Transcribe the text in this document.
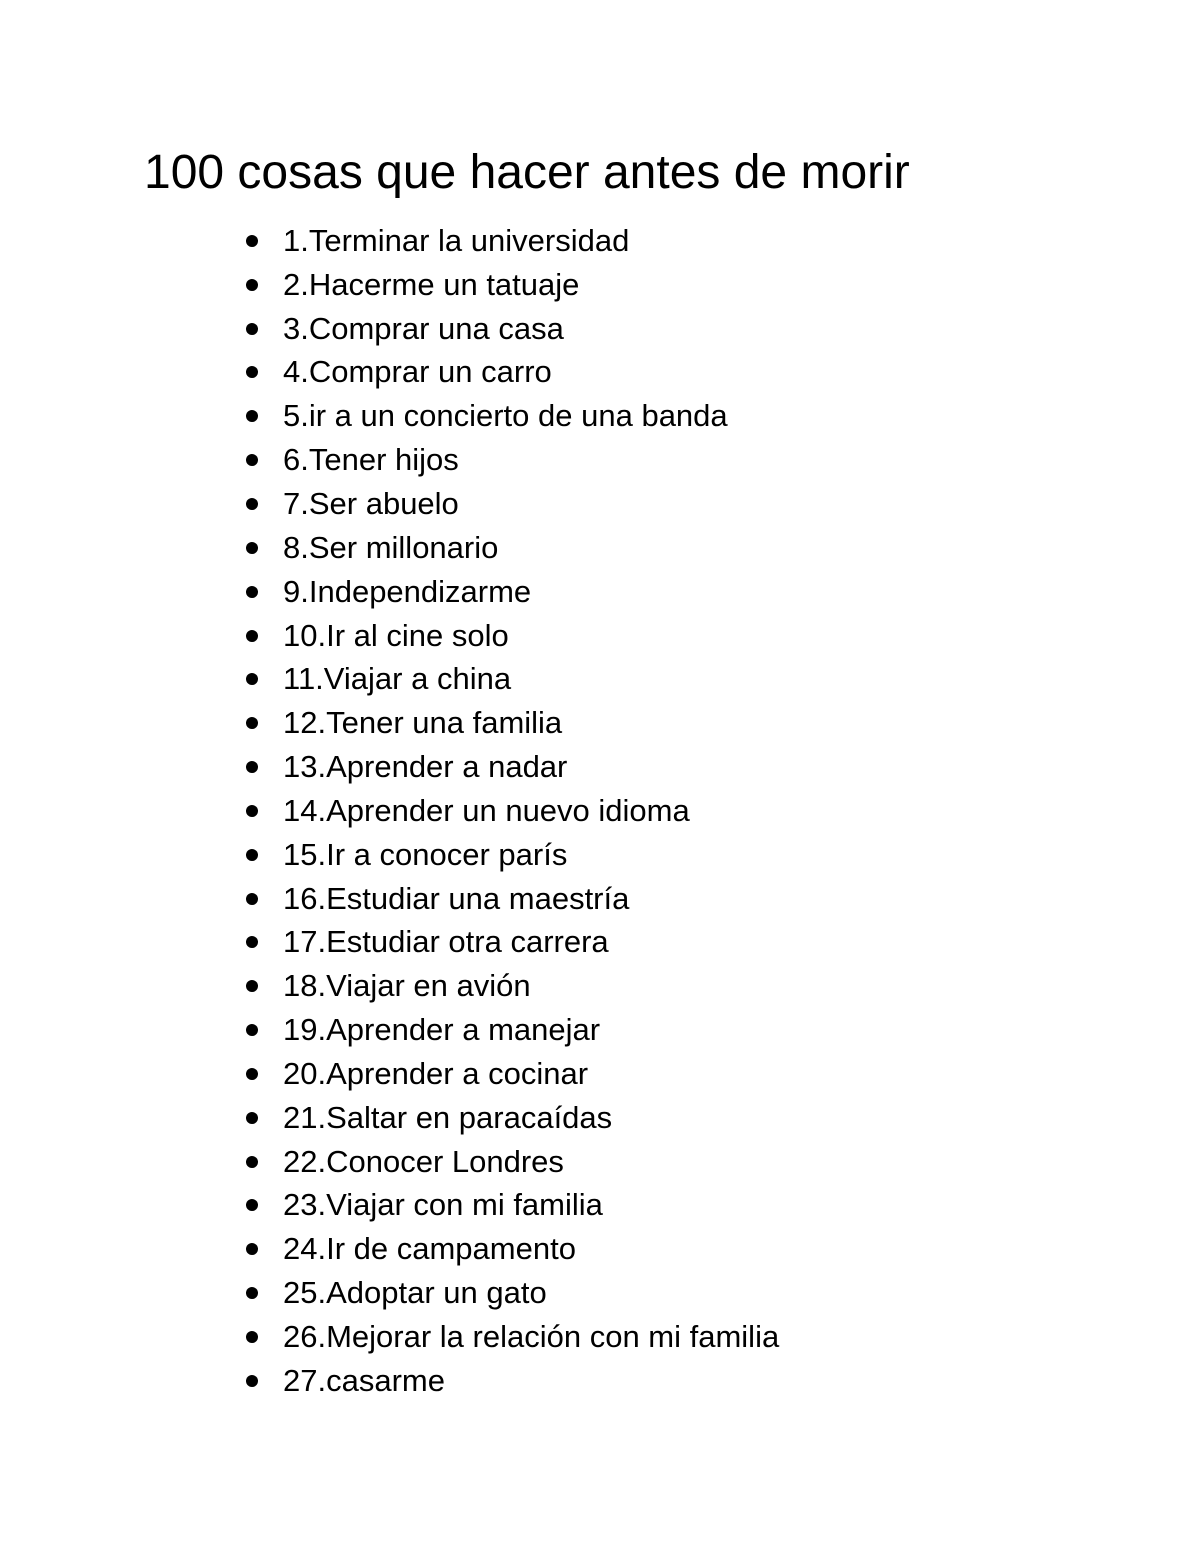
100 cosas que hacer antes de morir
1.Terminar la universidad
2.Hacerme un tatuaje
3.Comprar una casa
4.Comprar un carro
5.ir a un concierto de una banda
6.Tener hijos
7.Ser abuelo
8.Ser millonario
9.Independizarme
10.Ir al cine solo
11.Viajar a china
12.Tener una familia
13.Aprender a nadar
14.Aprender un nuevo idioma
15.Ir a conocer parís
16.Estudiar una maestría
17.Estudiar otra carrera
18.Viajar en avión
19.Aprender a manejar
20.Aprender a cocinar
21.Saltar en paracaídas
22.Conocer Londres
23.Viajar con mi familia
24.Ir de campamento
25.Adoptar un gato
26.Mejorar la relación con mi familia
27.casarme
